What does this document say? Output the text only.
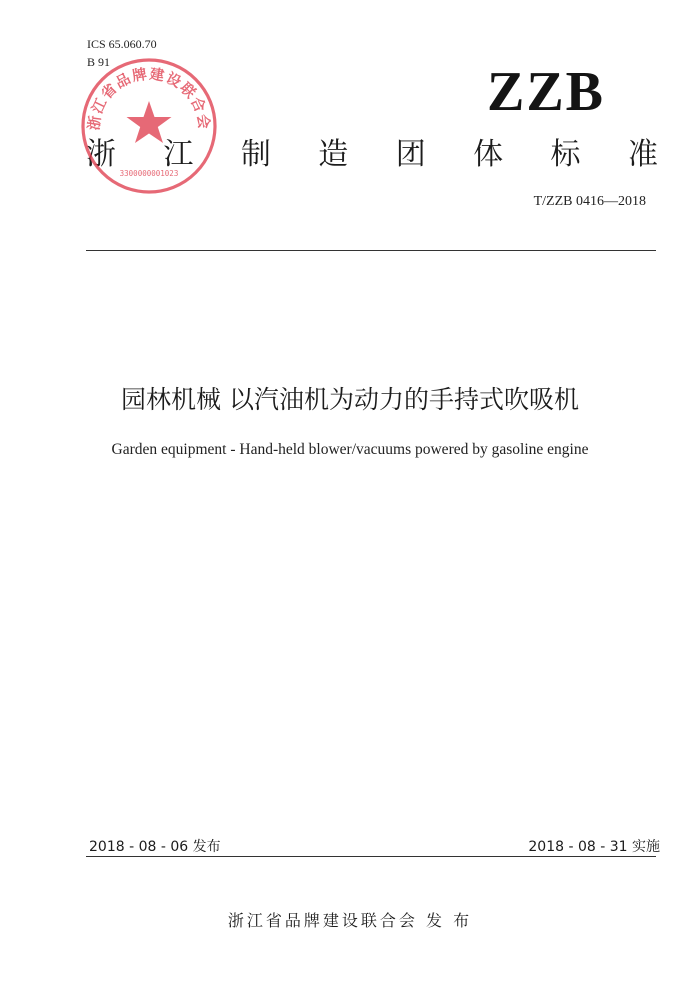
ICS 65.060.70
B 91	ZZB
浙 江 制 造 团 体 标 准
浙江省品牌建设联合会
3300000001023
T/ZZB 0416—2018
园林机械 以汽油机为动力的手持式吹吸机
Garden equipment - Hand-held blower/vacuums powered by gasoline engine
2018 - 08 - 06 发布	2018 - 08 - 31 实施
浙江省品牌建设联合会 发 布
